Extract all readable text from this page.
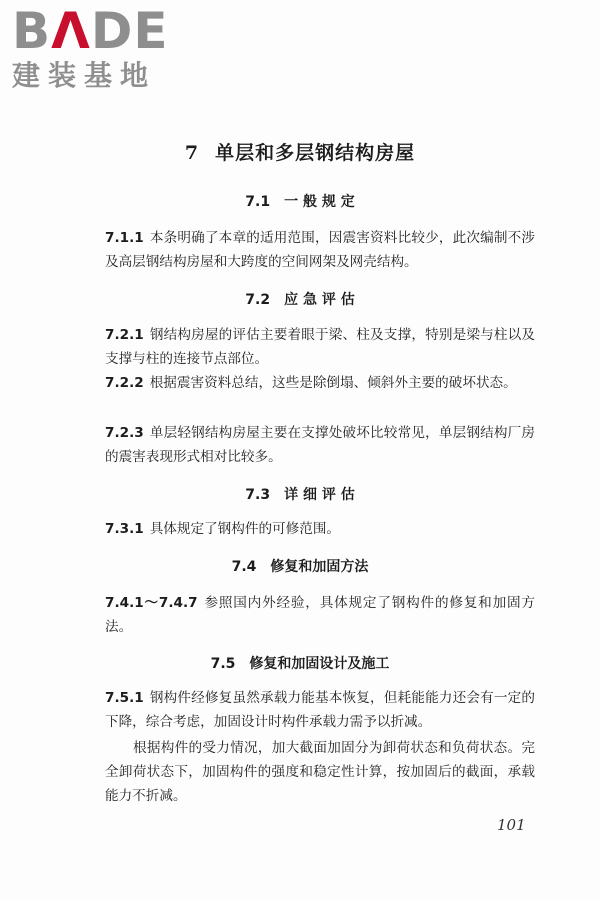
BΛDE
建装基地
7 单层和多层钢结构房屋
7.1 一 般 规 定
7.1.1 本条明确了本章的适用范围，因震害资料比较少，此次编制不涉及高层钢结构房屋和大跨度的空间网架及网壳结构。
7.2 应 急 评 估
7.2.1 钢结构房屋的评估主要着眼于梁、柱及支撑，特别是梁与柱以及支撑与柱的连接节点部位。
7.2.2 根据震害资料总结，这些是除倒塌、倾斜外主要的破坏状态。
7.2.3 单层轻钢结构房屋主要在支撑处破坏比较常见，单层钢结构厂房的震害表现形式相对比较多。
7.3 详 细 评 估
7.3.1 具体规定了钢构件的可修范围。
7.4 修复和加固方法
7.4.1～7.4.7 参照国内外经验，具体规定了钢构件的修复和加固方法。
7.5 修复和加固设计及施工
7.5.1 钢构件经修复虽然承载力能基本恢复，但耗能能力还会有一定的下降，综合考虑，加固设计时构件承载力需予以折减。
根据构件的受力情况，加大截面加固分为卸荷状态和负荷状态。完全卸荷状态下，加固构件的强度和稳定性计算，按加固后的截面，承载能力不折减。
101
